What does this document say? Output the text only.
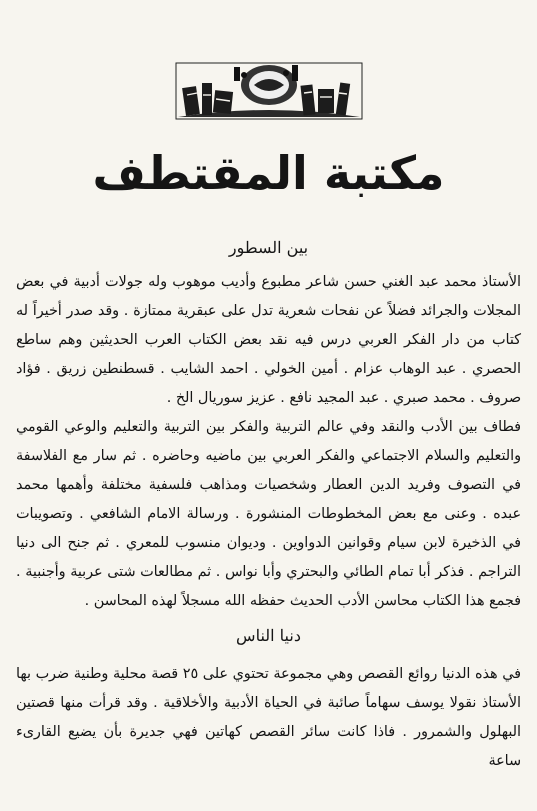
مكتبة المقتطف
بين السطور

الأستاذ محمد عبد الغني حسن شاعر مطبوع وأديب موهوب وله جولات أدبية في بعض المجلات والجرائد فضلاً عن نفحات شعرية تدل على عبقرية ممتازة . وقد صدر أخيراً له كتاب من دار الفكر العربي درس فيه نقد بعض الكتاب العرب الحديثين وهم ساطع الحصري . عبد الوهاب عزام . أمين الخولي . احمد الشايب . قسطنطين زريق . فؤاد صروف . محمد صبري . عبد المجيد نافع . عزيز سوريال الخ .

فطاف بين الأدب والنقد وفي عالم التربية والفكر بين التربية والتعليم والوعي القومي والتعليم والسلام الاجتماعي والفكر العربي بين ماضيه وحاضره . ثم سار مع الفلاسفة في التصوف وفريد الدين العطار وشخصيات ومذاهب فلسفية مختلفة وأهمها محمد عبده . وعنى مع بعض المخطوطات المنشورة . ورسالة الامام الشافعي . وتصويبات في الذخيرة لابن سيام وقوانين الدواوين . وديوان منسوب للمعري . ثم جنح الى دنيا التراجم . فذكر أبا تمام الطائي والبحتري وأبا نواس . ثم مطالعات شتى عربية وأجنبية . فجمع هذا الكتاب محاسن الأدب الحديث حفظه الله مسجلاً لهذه المحاسن .

دنيا الناس

في هذه الدنيا روائع القصص وهي مجموعة تحتوي على ٢٥ قصة محلية وطنية ضرب بها الأستاذ نقولا يوسف سهاماً صائبة في الحياة الأدبية والأخلاقية . وقد قرأت منها قصتين البهلول والشمرور . فاذا كانت سائر القصص كهاتين فهي جديرة بأن يضيع القارىء ساعة
